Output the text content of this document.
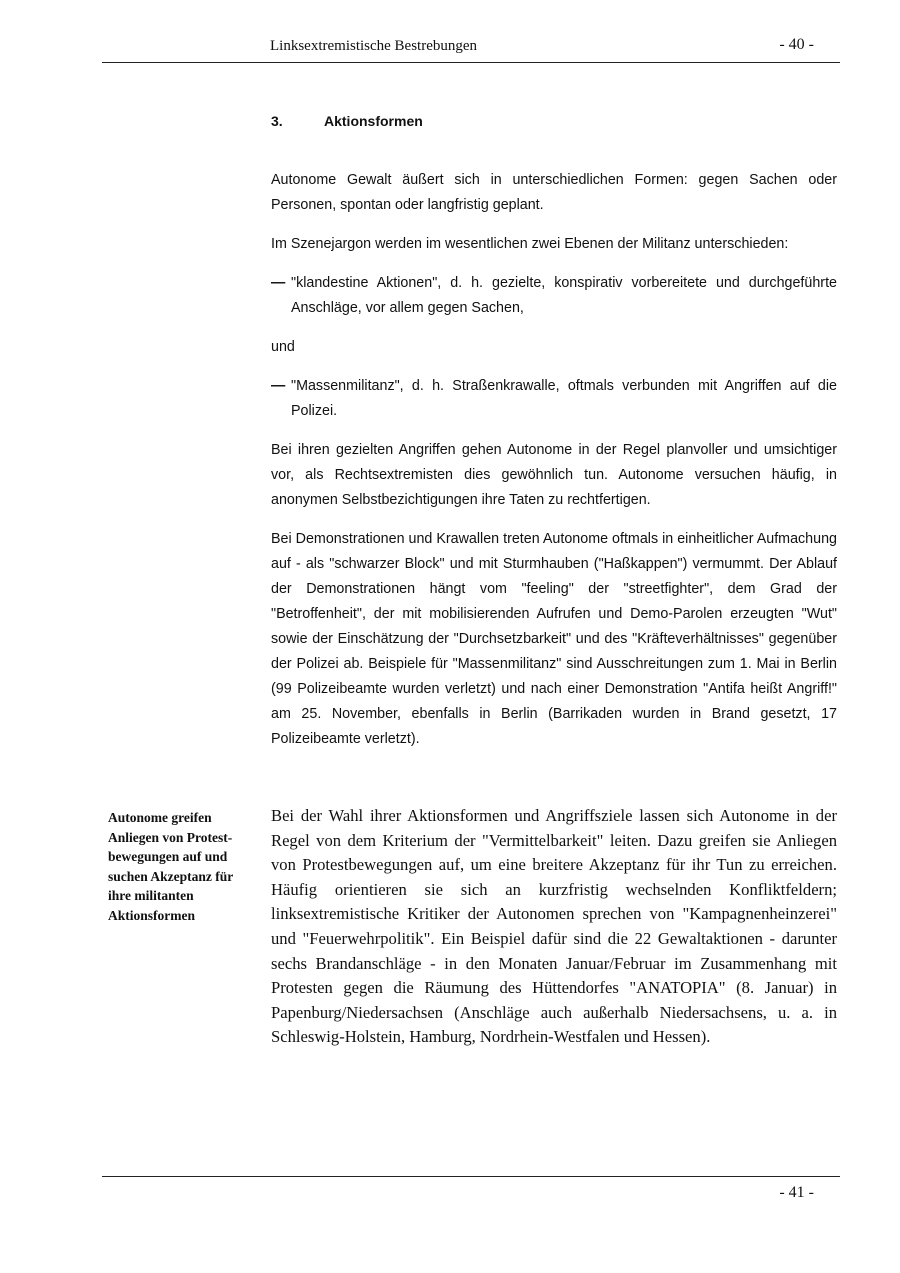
Linksextremistische Bestrebungen	- 40 -
3.	Aktionsformen

Autonome Gewalt äußert sich in unterschiedlichen Formen: gegen Sachen oder Personen, spontan oder langfristig geplant.

Im Szenejargon werden im wesentlichen zwei Ebenen der Militanz unterschieden:

— "klandestine Aktionen", d. h. gezielte, konspirativ vorbereitete und durchgeführte Anschläge, vor allem gegen Sachen,
und
— "Massenmilitanz", d. h. Straßenkrawalle, oftmals verbunden mit Angriffen auf die Polizei.

Bei ihren gezielten Angriffen gehen Autonome in der Regel planvoller und umsichtiger vor, als Rechtsextremisten dies gewöhnlich tun. Autonome versuchen häufig, in anonymen Selbstbezichtigungen ihre Taten zu rechtfertigen.

Bei Demonstrationen und Krawallen treten Autonome oftmals in einheitlicher Aufmachung auf - als "schwarzer Block" und mit Sturmhauben ("Haßkappen") vermummt. Der Ablauf der Demonstrationen hängt vom "feeling" der "streetfighter", dem Grad der "Betroffenheit", der mit mobilisierenden Aufrufen und Demo-Parolen erzeugten "Wut" sowie der Einschätzung der "Durchsetzbarkeit" und des "Kräfteverhältnisses" gegenüber der Polizei ab. Beispiele für "Massenmilitanz" sind Ausschreitungen zum 1. Mai in Berlin (99 Polizeibeamte wurden verletzt) und nach einer Demonstration "Antifa heißt Angriff!" am 25. November, ebenfalls in Berlin (Barrikaden wurden in Brand gesetzt, 17 Polizeibeamte verletzt).

Autonome greifen
Anliegen von Protest-
bewegungen auf und
suchen Akzeptanz für
ihre militanten
Aktionsformen

Bei der Wahl ihrer Aktionsformen und Angriffsziele lassen sich Autonome in der Regel von dem Kriterium der "Vermittelbarkeit" leiten. Dazu greifen sie Anliegen von Protestbewegungen auf, um eine breitere Akzeptanz für ihr Tun zu erreichen. Häufig orientieren sie sich an kurzfristig wechselnden Konfliktfeldern; linksextremistische Kritiker der Autonomen sprechen von "Kampagnenheinzerei" und "Feuerwehrpolitik". Ein Beispiel dafür sind die 22 Gewaltaktionen - darunter sechs Brandanschläge - in den Monaten Januar/Februar im Zusammenhang mit Protesten gegen die Räumung des Hüttendorfes "ANATOPIA" (8. Januar) in Papenburg/Niedersachsen (Anschläge auch außerhalb Niedersachsens, u. a. in Schleswig-Holstein, Hamburg, Nordrhein-Westfalen und Hessen).

- 41 -
